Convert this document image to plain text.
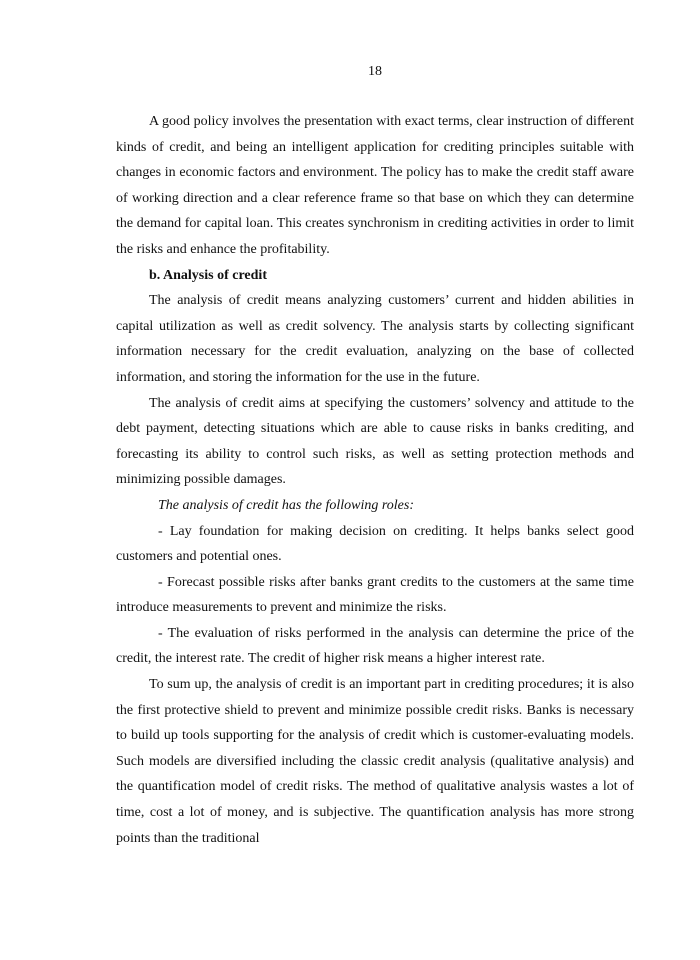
18

A good policy involves the presentation with exact terms, clear instruction of different kinds of credit, and being an intelligent application for crediting principles suitable with changes in economic factors and environment. The policy has to make the credit staff aware of working direction and a clear reference frame so that base on which they can determine the demand for capital loan. This creates synchronism in crediting activities in order to limit the risks and enhance the profitability.

b. Analysis of credit

The analysis of credit means analyzing customers’ current and hidden abilities in capital utilization as well as credit solvency. The analysis starts by collecting significant information necessary for the credit evaluation, analyzing on the base of collected information, and storing the information for the use in the future.

The analysis of credit aims at specifying the customers’ solvency and attitude to the debt payment, detecting situations which are able to cause risks in banks crediting, and forecasting its ability to control such risks, as well as setting protection methods and minimizing possible damages.

The analysis of credit has the following roles:

- Lay foundation for making decision on crediting. It helps banks select good customers and potential ones.

- Forecast possible risks after banks grant credits to the customers at the same time introduce measurements to prevent and minimize the risks.

- The evaluation of risks performed in the analysis can determine the price of the credit, the interest rate. The credit of higher risk means a higher interest rate.

To sum up, the analysis of credit is an important part in crediting procedures; it is also the first protective shield to prevent and minimize possible credit risks. Banks is necessary to build up tools supporting for the analysis of credit which is customer-evaluating models. Such models are diversified including the classic credit analysis (qualitative analysis) and the quantification model of credit risks. The method of qualitative analysis wastes a lot of time, cost a lot of money, and is subjective. The quantification analysis has more strong points than the traditional
